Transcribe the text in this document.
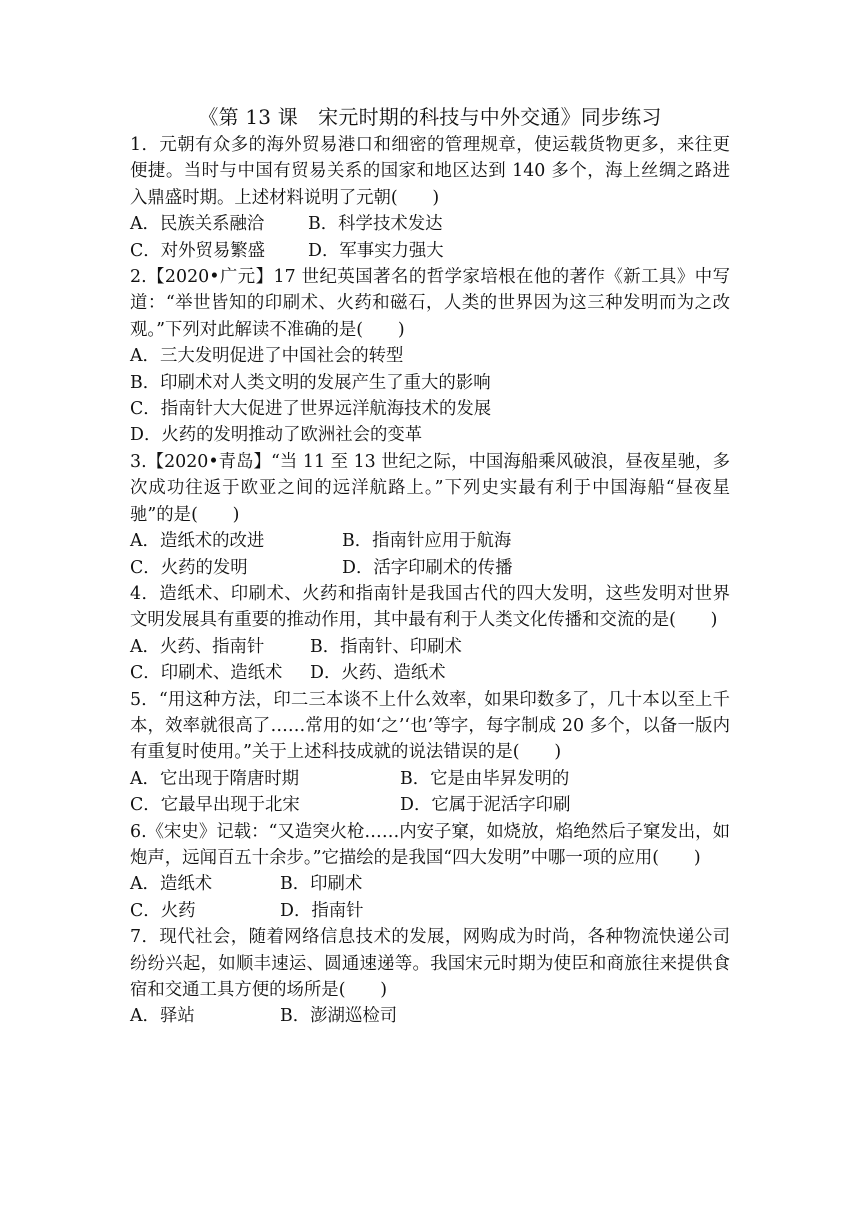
《第 13 课　宋元时期的科技与中外交通》同步练习

1．元朝有众多的海外贸易港口和细密的管理规章，使运载货物更多，来往更便捷。当时与中国有贸易关系的国家和地区达到 140 多个，海上丝绸之路进入鼎盛时期。上述材料说明了元朝(　　)

A．民族关系融洽	B．科学技术发达
C．对外贸易繁盛	D．军事实力强大

2.【2020•广元】17 世纪英国著名的哲学家培根在他的著作《新工具》中写道：“举世皆知的印刷术、火药和磁石，人类的世界因为这三种发明而为之改观。”下列对此解读不准确的是(　　)

A．三大发明促进了中国社会的转型
B．印刷术对人类文明的发展产生了重大的影响
C．指南针大大促进了世界远洋航海技术的发展
D．火药的发明推动了欧洲社会的变革

3.【2020•青岛】“当 11 至 13 世纪之际，中国海船乘风破浪，昼夜星驰，多次成功往返于欧亚之间的远洋航路上。”下列史实最有利于中国海船“昼夜星驰”的是(　　)

A．造纸术的改进	B．指南针应用于航海
C．火药的发明	D．活字印刷术的传播

4．造纸术、印刷术、火药和指南针是我国古代的四大发明，这些发明对世界文明发展具有重要的推动作用，其中最有利于人类文化传播和交流的是(　　)

A．火药、指南针	B．指南针、印刷术
C．印刷术、造纸术	D．火药、造纸术

5．“用这种方法，印二三本谈不上什么效率，如果印数多了，几十本以至上千本，效率就很高了……常用的如‘之’‘也’等字，每字制成 20 多个，以备一版内有重复时使用。”关于上述科技成就的说法错误的是(　　)

A．它出现于隋唐时期	B．它是由毕昇发明的
C．它最早出现于北宋	D．它属于泥活字印刷

6.《宋史》记载：“又造突火枪……内安子窠，如烧放，焰绝然后子窠发出，如炮声，远闻百五十余步。”它描绘的是我国“四大发明”中哪一项的应用(　　)

A．造纸术	B．印刷术
C．火药	D．指南针

7．现代社会，随着网络信息技术的发展，网购成为时尚，各种物流快递公司纷纷兴起，如顺丰速运、圆通速递等。我国宋元时期为使臣和商旅往来提供食宿和交通工具方便的场所是(　　)

A．驿站	B．澎湖巡检司
